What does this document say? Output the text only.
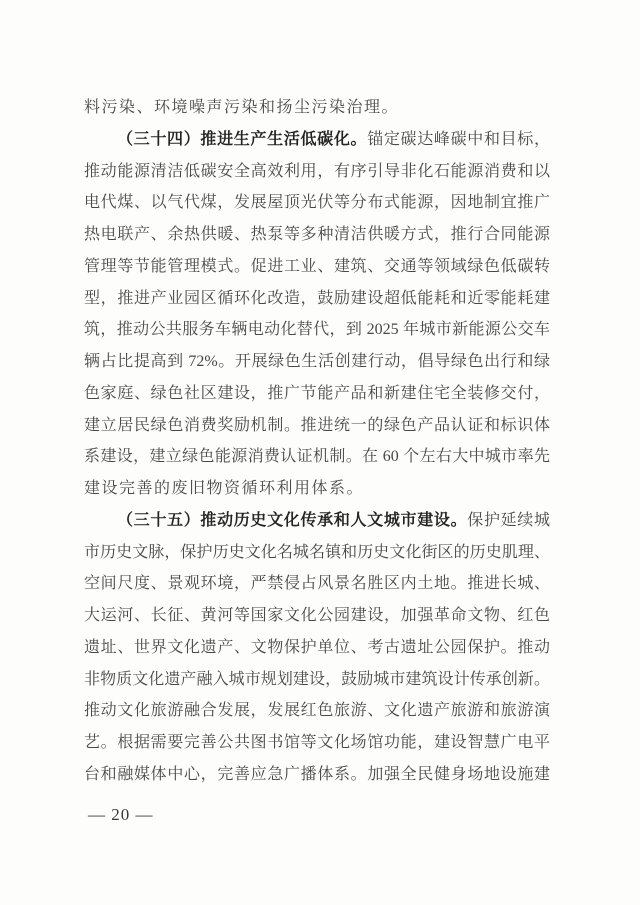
料污染、环境噪声污染和扬尘污染治理。
（三十四）推进生产生活低碳化。锚定碳达峰碳中和目标，
推动能源清洁低碳安全高效利用，有序引导非化石能源消费和以
电代煤、以气代煤，发展屋顶光伏等分布式能源，因地制宜推广
热电联产、余热供暖、热泵等多种清洁供暖方式，推行合同能源
管理等节能管理模式。促进工业、建筑、交通等领域绿色低碳转
型，推进产业园区循环化改造，鼓励建设超低能耗和近零能耗建
筑，推动公共服务车辆电动化替代，到 2025 年城市新能源公交车
辆占比提高到 72%。开展绿色生活创建行动，倡导绿色出行和绿
色家庭、绿色社区建设，推广节能产品和新建住宅全装修交付，
建立居民绿色消费奖励机制。推进统一的绿色产品认证和标识体
系建设，建立绿色能源消费认证机制。在 60 个左右大中城市率先
建设完善的废旧物资循环利用体系。
（三十五）推动历史文化传承和人文城市建设。保护延续城
市历史文脉，保护历史文化名城名镇和历史文化街区的历史肌理、
空间尺度、景观环境，严禁侵占风景名胜区内土地。推进长城、
大运河、长征、黄河等国家文化公园建设，加强革命文物、红色
遗址、世界文化遗产、文物保护单位、考古遗址公园保护。推动
非物质文化遗产融入城市规划建设，鼓励城市建筑设计传承创新。
推动文化旅游融合发展，发展红色旅游、文化遗产旅游和旅游演
艺。根据需要完善公共图书馆等文化场馆功能，建设智慧广电平
台和融媒体中心，完善应急广播体系。加强全民健身场地设施建
— 20 —
